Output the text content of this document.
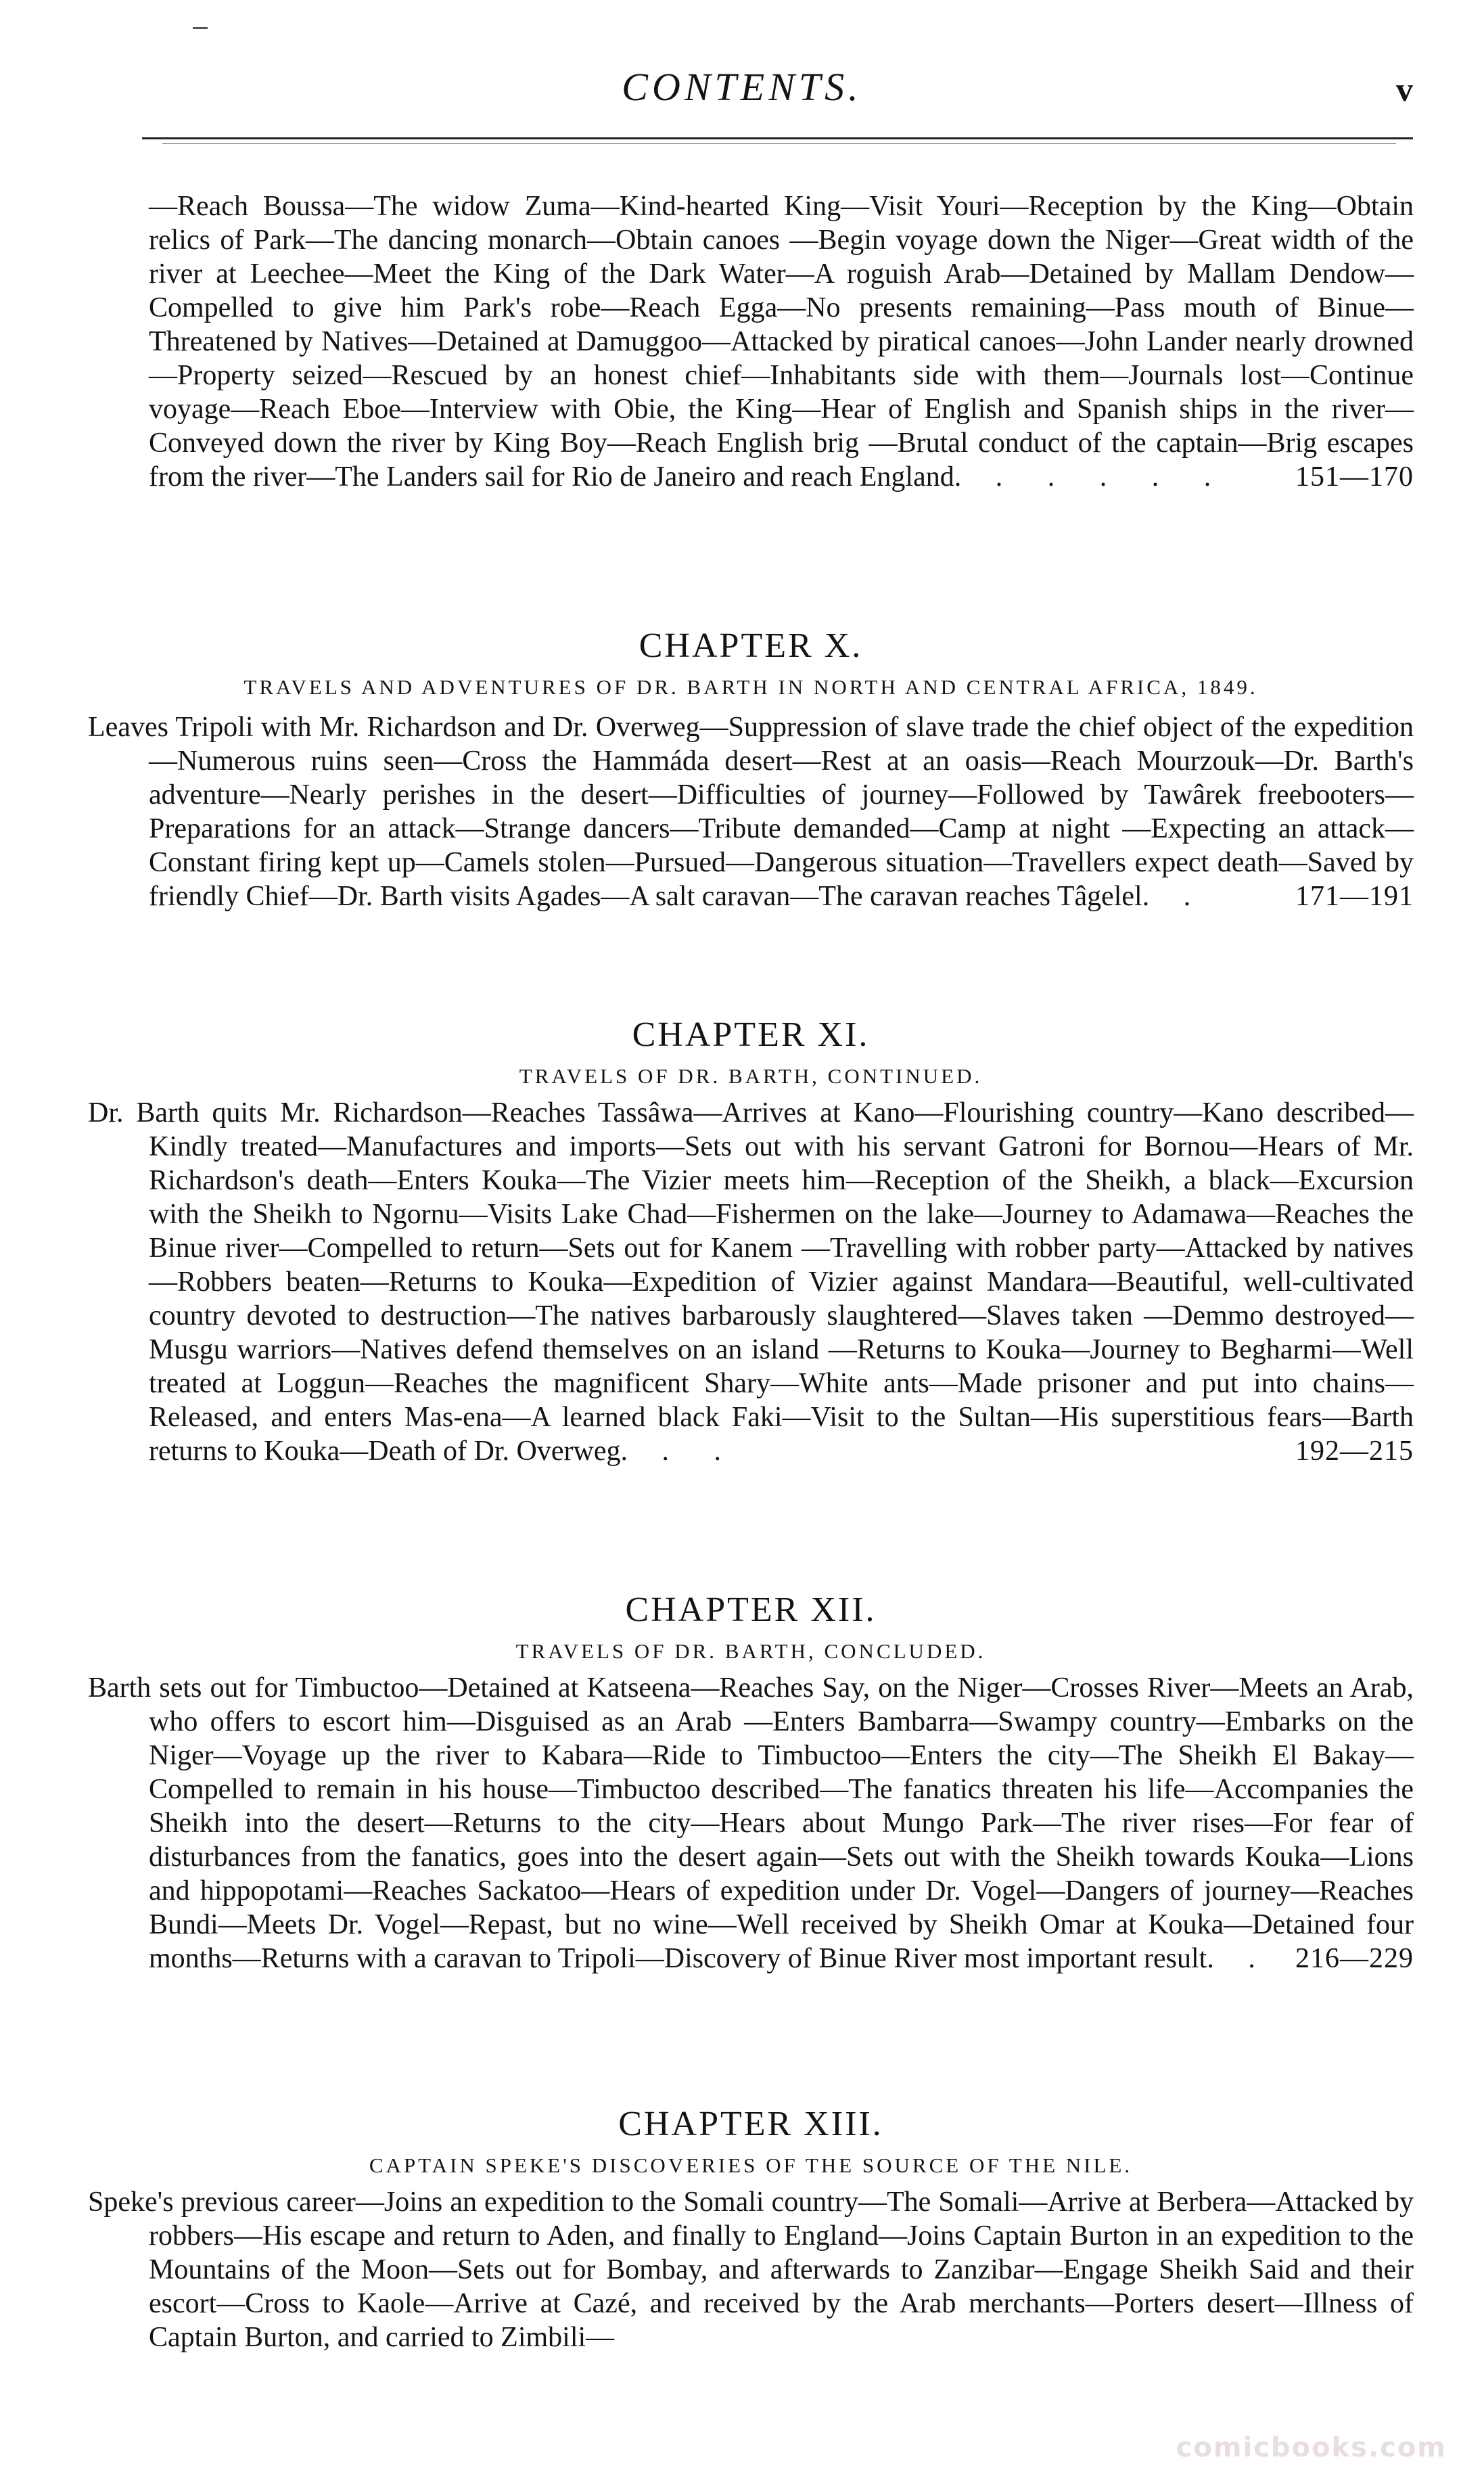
CONTENTS.	v

—Reach Boussa—The widow Zuma—Kind-hearted King—Visit Youri—Reception by the King—Obtain relics of Park—The dancing monarch—Obtain canoes —Begin voyage down the Niger—Great width of the river at Leechee—Meet the King of the Dark Water—A roguish Arab—Detained by Mallam Dendow—Compelled to give him Park's robe—Reach Egga—No presents remaining—Pass mouth of Binue—Threatened by Natives—Detained at Damuggoo—Attacked by piratical canoes—John Lander nearly drowned—Property seized—Rescued by an honest chief—Inhabitants side with them—Journals lost—Continue voyage—Reach Eboe—Interview with Obie, the King—Hear of English and Spanish ships in the river—Conveyed down the river by King Boy—Reach English brig —Brutal conduct of the captain—Brig escapes from the river—The Landers sail for Rio de Janeiro and reach England. . . . . . 151—170

CHAPTER X.
TRAVELS AND ADVENTURES OF DR. BARTH IN NORTH AND CENTRAL AFRICA, 1849.

Leaves Tripoli with Mr. Richardson and Dr. Overweg—Suppression of slave trade the chief object of the expedition—Numerous ruins seen—Cross the Hammáda desert—Rest at an oasis—Reach Mourzouk—Dr. Barth's adventure—Nearly perishes in the desert—Difficulties of journey—Followed by Tawârek freebooters—Preparations for an attack—Strange dancers—Tribute demanded—Camp at night —Expecting an attack—Constant firing kept up—Camels stolen—Pursued—Dangerous situation—Travellers expect death—Saved by friendly Chief—Dr. Barth visits Agades—A salt caravan—The caravan reaches Tâgelel. .	171—191

CHAPTER XI.
TRAVELS OF DR. BARTH, CONTINUED.

Dr. Barth quits Mr. Richardson—Reaches Tassâwa—Arrives at Kano—Flourishing country—Kano described—Kindly treated—Manufactures and imports—Sets out with his servant Gatroni for Bornou—Hears of Mr. Richardson's death—Enters Kouka—The Vizier meets him—Reception of the Sheikh, a black—Excursion with the Sheikh to Ngornu—Visits Lake Chad—Fishermen on the lake—Journey to Adamawa—Reaches the Binue river—Compelled to return—Sets out for Kanem —Travelling with robber party—Attacked by natives—Robbers beaten—Returns to Kouka—Expedition of Vizier against Mandara—Beautiful, well-cultivated country devoted to destruction—The natives barbarously slaughtered—Slaves taken —Demmo destroyed—Musgu warriors—Natives defend themselves on an island —Returns to Kouka—Journey to Begharmi—Well treated at Loggun—Reaches the magnificent Shary—White ants—Made prisoner and put into chains—Released, and enters Mas-ena—A learned black Faki—Visit to the Sultan—His superstitious fears—Barth returns to Kouka—Death of Dr. Overweg. . .	192—215

CHAPTER XII.
TRAVELS OF DR. BARTH, CONCLUDED.

Barth sets out for Timbuctoo—Detained at Katseena—Reaches Say, on the Niger—Crosses River—Meets an Arab, who offers to escort him—Disguised as an Arab —Enters Bambarra—Swampy country—Embarks on the Niger—Voyage up the river to Kabara—Ride to Timbuctoo—Enters the city—The Sheikh El Bakay—Compelled to remain in his house—Timbuctoo described—The fanatics threaten his life—Accompanies the Sheikh into the desert—Returns to the city—Hears about Mungo Park—The river rises—For fear of disturbances from the fanatics, goes into the desert again—Sets out with the Sheikh towards Kouka—Lions and hippopotami—Reaches Sackatoo—Hears of expedition under Dr. Vogel—Dangers of journey—Reaches Bundi—Meets Dr. Vogel—Repast, but no wine—Well received by Sheikh Omar at Kouka—Detained four months—Returns with a caravan to Tripoli—Discovery of Binue River most important result. . 216—229

CHAPTER XIII.
CAPTAIN SPEKE'S DISCOVERIES OF THE SOURCE OF THE NILE.

Speke's previous career—Joins an expedition to the Somali country—The Somali—Arrive at Berbera—Attacked by robbers—His escape and return to Aden, and finally to England—Joins Captain Burton in an expedition to the Mountains of the Moon—Sets out for Bombay, and afterwards to Zanzibar—Engage Sheikh Said and their escort—Cross to Kaole—Arrive at Cazé, and received by the Arab merchants—Porters desert—Illness of Captain Burton, and carried to Zimbili—

comicbooks.com
